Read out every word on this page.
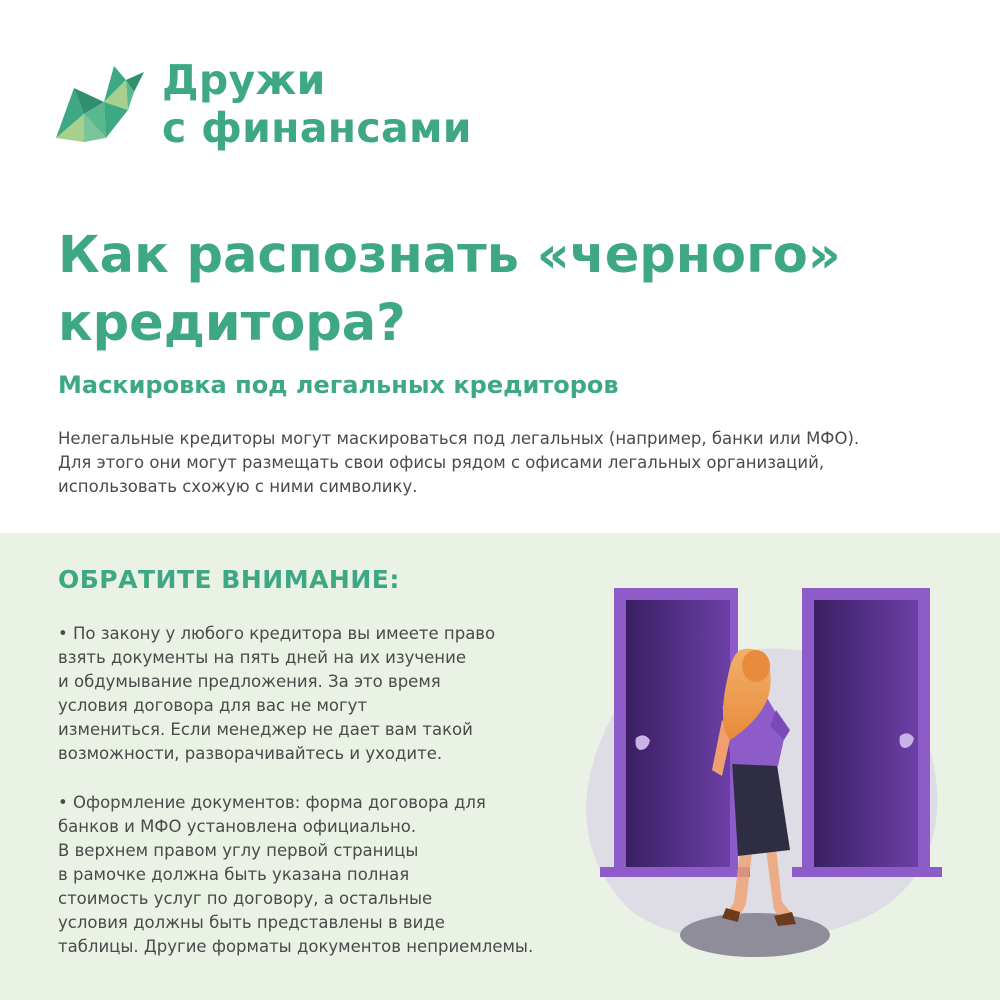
Дружи
с финансами
Как распознать «черного»
кредитора?
Маскировка под легальных кредиторов
Нелегальные кредиторы могут маскироваться под легальных (например, банки или МФО).
Для этого они могут размещать свои офисы рядом с офисами легальных организаций,
использовать схожую с ними символику.
ОБРАТИТЕ ВНИМАНИЕ:
• По закону у любого кредитора вы имеете право
взять документы на пять дней на их изучение
и обдумывание предложения. За это время
условия договора для вас не могут
измениться. Если менеджер не дает вам такой
возможности, разворачивайтесь и уходите.
• Оформление документов: форма договора для
банков и МФО установлена официально.
В верхнем правом углу первой страницы
в рамочке должна быть указана полная
стоимость услуг по договору, а остальные
условия должны быть представлены в виде
таблицы. Другие форматы документов неприемлемы.
